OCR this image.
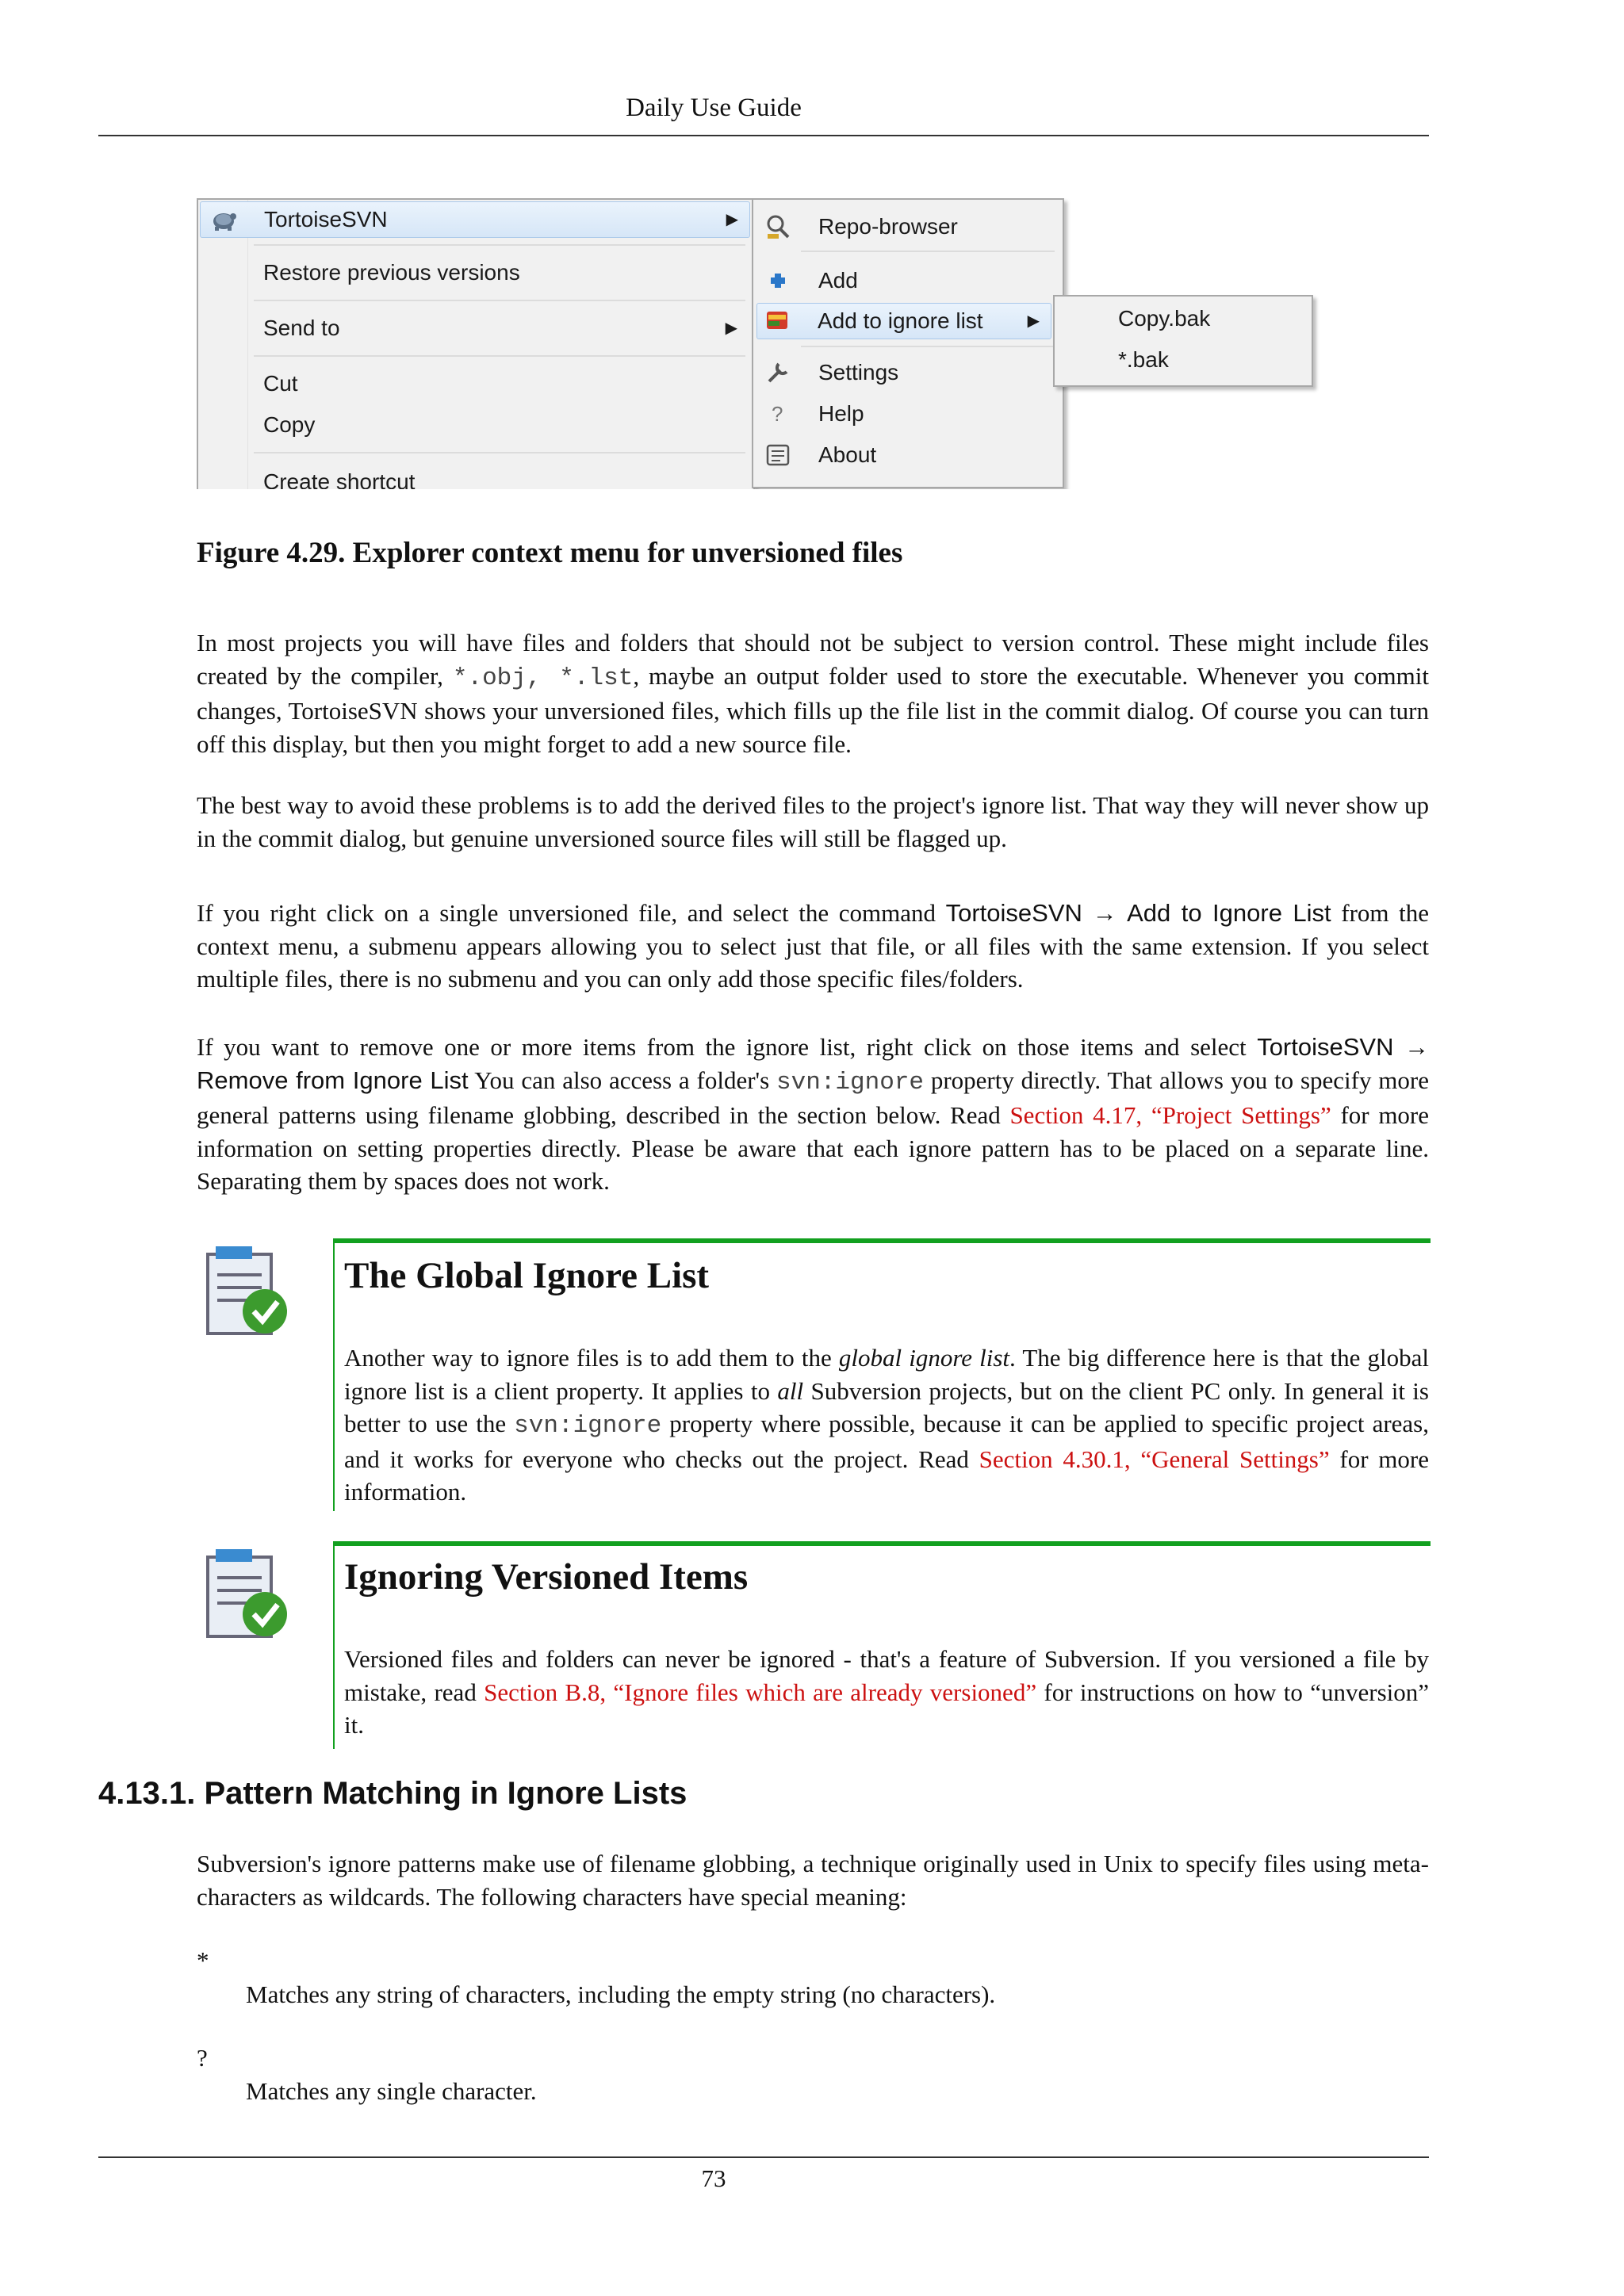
Daily Use Guide
TortoiseSVN	▶
Restore previous versions
Send to	▶
Cut
Copy
Create shortcut
Repo-browser
Add
Add to ignore list	▶
Settings
? Help
About
Copy.bak
*.bak
Figure 4.29. Explorer context menu for unversioned files
In most projects you will have files and folders that should not be subject to version control. These might include files created by the compiler, *.obj, *.lst, maybe an output folder used to store the executable. Whenever you commit changes, TortoiseSVN shows your unversioned files, which fills up the file list in the commit dialog. Of course you can turn off this display, but then you might forget to add a new source file.
The best way to avoid these problems is to add the derived files to the project's ignore list. That way they will never show up in the commit dialog, but genuine unversioned source files will still be flagged up.
If you right click on a single unversioned file, and select the command TortoiseSVN → Add to Ignore List from the context menu, a submenu appears allowing you to select just that file, or all files with the same extension. If you select multiple files, there is no submenu and you can only add those specific files/folders.
If you want to remove one or more items from the ignore list, right click on those items and select TortoiseSVN → Remove from Ignore List You can also access a folder's svn:ignore property directly. That allows you to specify more general patterns using filename globbing, described in the section below. Read Section 4.17, “Project Settings” for more information on setting properties directly. Please be aware that each ignore pattern has to be placed on a separate line. Separating them by spaces does not work.
The Global Ignore List
Another way to ignore files is to add them to the global ignore list. The big difference here is that the global ignore list is a client property. It applies to all Subversion projects, but on the client PC only. In general it is better to use the svn:ignore property where possible, because it can be applied to specific project areas, and it works for everyone who checks out the project. Read Section 4.30.1, “General Settings” for more information.
Ignoring Versioned Items
Versioned files and folders can never be ignored - that's a feature of Subversion. If you versioned a file by mistake, read Section B.8, “Ignore files which are already versioned” for instructions on how to “unversion” it.
4.13.1. Pattern Matching in Ignore Lists
Subversion's ignore patterns make use of filename globbing, a technique originally used in Unix to specify files using meta-characters as wildcards. The following characters have special meaning:
*
Matches any string of characters, including the empty string (no characters).
?
Matches any single character.
73
